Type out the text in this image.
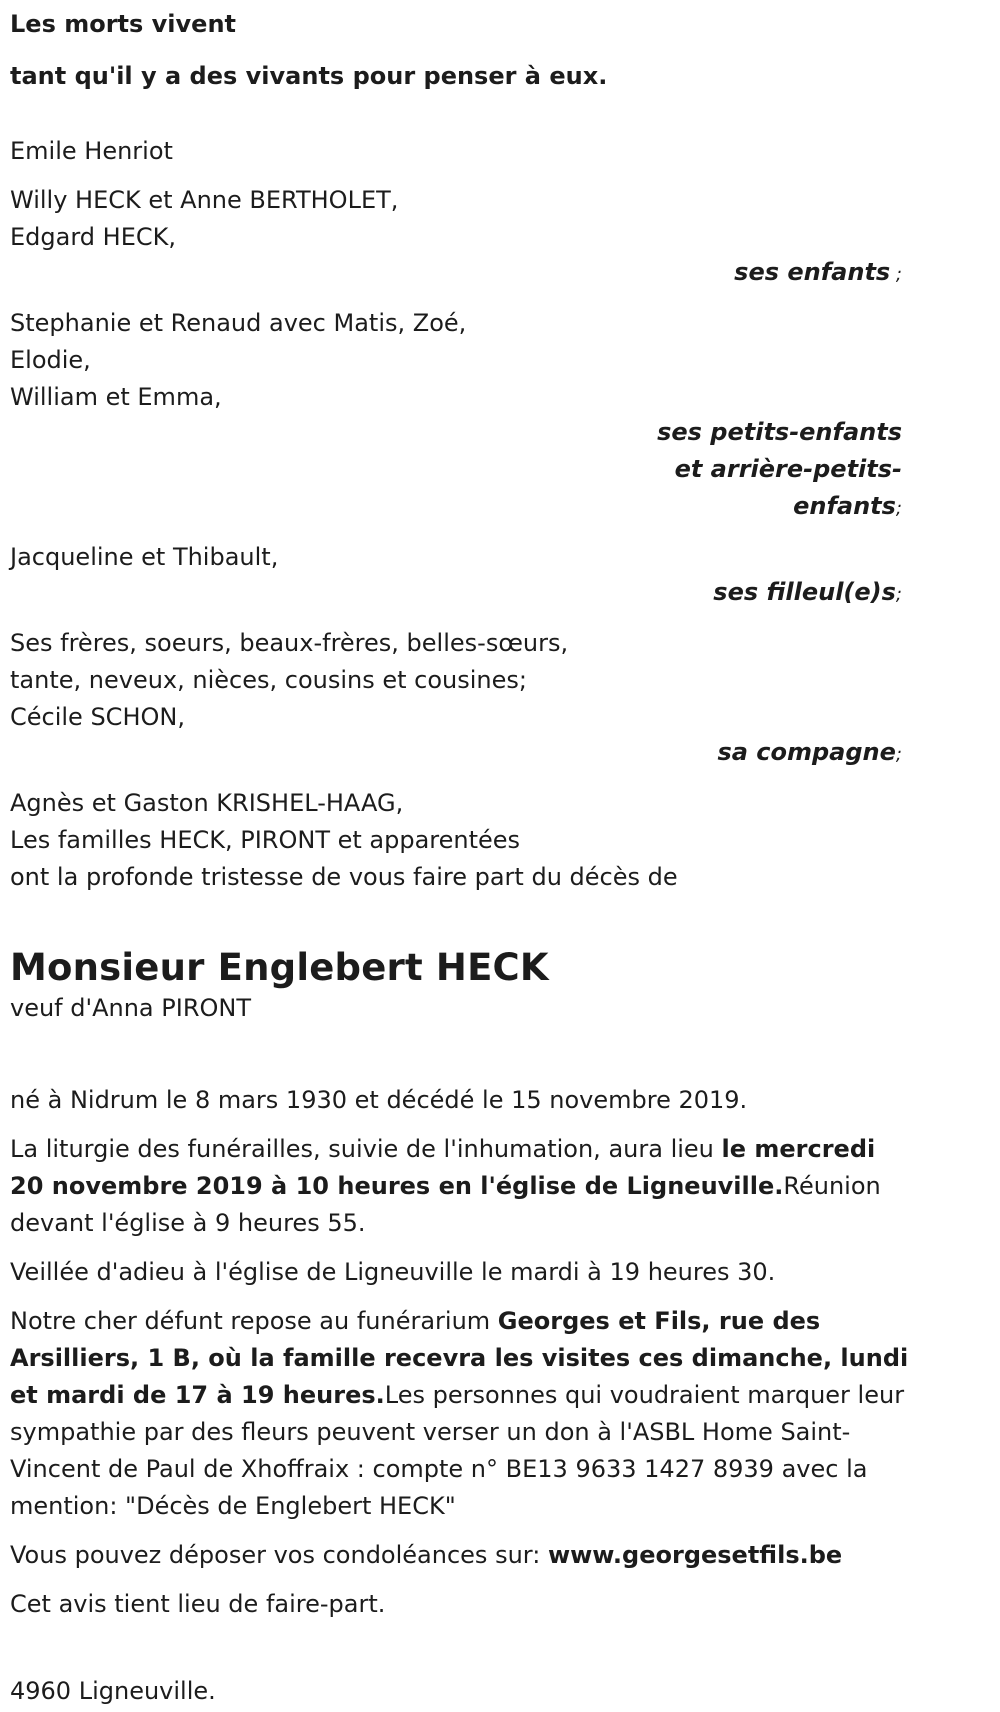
Les morts vivent
tant qu'il y a des vivants pour penser à eux.
Emile Henriot
Willy HECK et Anne BERTHOLET,
Edgard HECK,
ses enfants ;
Stephanie et Renaud avec Matis, Zoé,
Elodie,
William et Emma,
ses petits-enfants
et arrière-petits-
enfants;
Jacqueline et Thibault,
ses filleul(e)s;
Ses frères, soeurs, beaux-frères, belles-sœurs,
tante, neveux, nièces, cousins et cousines;
Cécile SCHON,
sa compagne;
Agnès et Gaston KRISHEL-HAAG,
Les familles HECK, PIRONT et apparentées
ont la profonde tristesse de vous faire part du décès de
Monsieur Englebert HECK
veuf d'Anna PIRONT

né à Nidrum le 8 mars 1930 et décédé le 15 novembre 2019.

La liturgie des funérailles, suivie de l'inhumation, aura lieu le mercredi 20 novembre 2019 à 10 heures en l'église de Ligneuville.Réunion devant l'église à 9 heures 55.

Veillée d'adieu à l'église de Ligneuville le mardi à 19 heures 30.

Notre cher défunt repose au funérarium Georges et Fils, rue des Arsilliers, 1 B, où la famille recevra les visites ces dimanche, lundi et mardi de 17 à 19 heures.Les personnes qui voudraient marquer leur sympathie par des fleurs peuvent verser un don à l'ASBL Home Saint-Vincent de Paul de Xhoffraix : compte n° BE13 9633 1427 8939 avec la mention: "Décès de Englebert HECK"

Vous pouvez déposer vos condoléances sur: www.georgesetfils.be

Cet avis tient lieu de faire-part.

4960 Ligneuville.
